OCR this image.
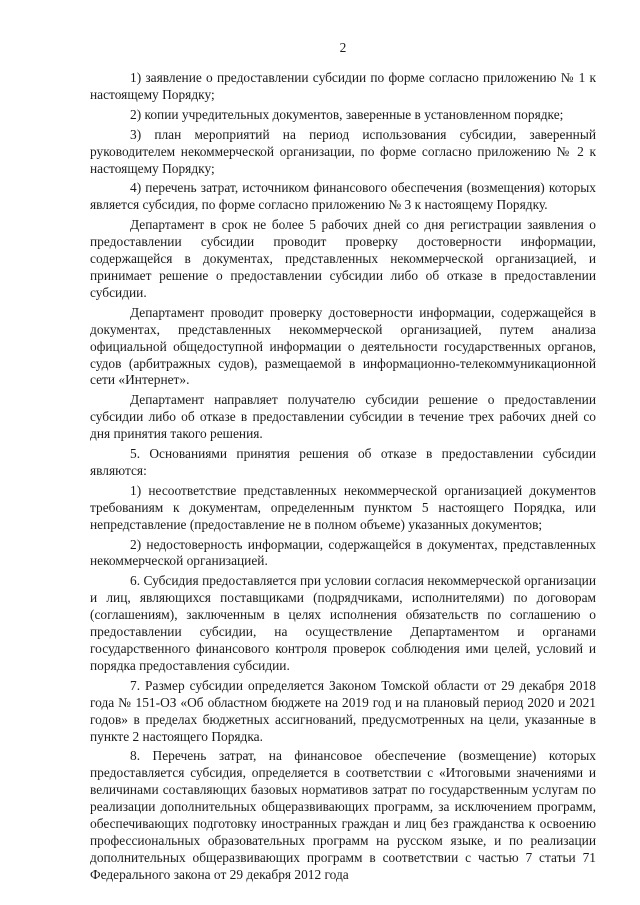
2

1) заявление о предоставлении субсидии по форме согласно приложению № 1 к настоящему Порядку;

2) копии учредительных документов, заверенные в установленном порядке;

3) план мероприятий на период использования субсидии, заверенный руководителем некоммерческой организации, по форме согласно приложению № 2 к настоящему Порядку;

4) перечень затрат, источником финансового обеспечения (возмещения) которых является субсидия, по форме согласно приложению № 3 к настоящему Порядку.

Департамент в срок не более 5 рабочих дней со дня регистрации заявления о предоставлении субсидии проводит проверку достоверности информации, содержащейся в документах, представленных некоммерческой организацией, и принимает решение о предоставлении субсидии либо об отказе в предоставлении субсидии.

Департамент проводит проверку достоверности информации, содержащейся в документах, представленных некоммерческой организацией, путем анализа официальной общедоступной информации о деятельности государственных органов, судов (арбитражных судов), размещаемой в информационно-телекоммуникационной сети «Интернет».

Департамент направляет получателю субсидии решение о предоставлении субсидии либо об отказе в предоставлении субсидии в течение трех рабочих дней со дня принятия такого решения.

5. Основаниями принятия решения об отказе в предоставлении субсидии являются:

1) несоответствие представленных некоммерческой организацией документов требованиям к документам, определенным пунктом 5 настоящего Порядка, или непредставление (предоставление не в полном объеме) указанных документов;

2) недостоверность информации, содержащейся в документах, представленных некоммерческой организацией.

6. Субсидия предоставляется при условии согласия некоммерческой организации и лиц, являющихся поставщиками (подрядчиками, исполнителями) по договорам (соглашениям), заключенным в целях исполнения обязательств по соглашению о предоставлении субсидии, на осуществление Департаментом и органами государственного финансового контроля проверок соблюдения ими целей, условий и порядка предоставления субсидии.

7. Размер субсидии определяется Законом Томской области от 29 декабря 2018 года № 151-ОЗ «Об областном бюджете на 2019 год и на плановый период 2020 и 2021 годов» в пределах бюджетных ассигнований, предусмотренных на цели, указанные в пункте 2 настоящего Порядка.

8. Перечень затрат, на финансовое обеспечение (возмещение) которых предоставляется субсидия, определяется в соответствии с «Итоговыми значениями и величинами составляющих базовых нормативов затрат по государственным услугам по реализации дополнительных общеразвивающих программ, за исключением программ, обеспечивающих подготовку иностранных граждан и лиц без гражданства к освоению профессиональных образовательных программ на русском языке, и по реализации дополнительных общеразвивающих программ в соответствии с частью 7 статьи 71 Федерального закона от 29 декабря 2012 года
